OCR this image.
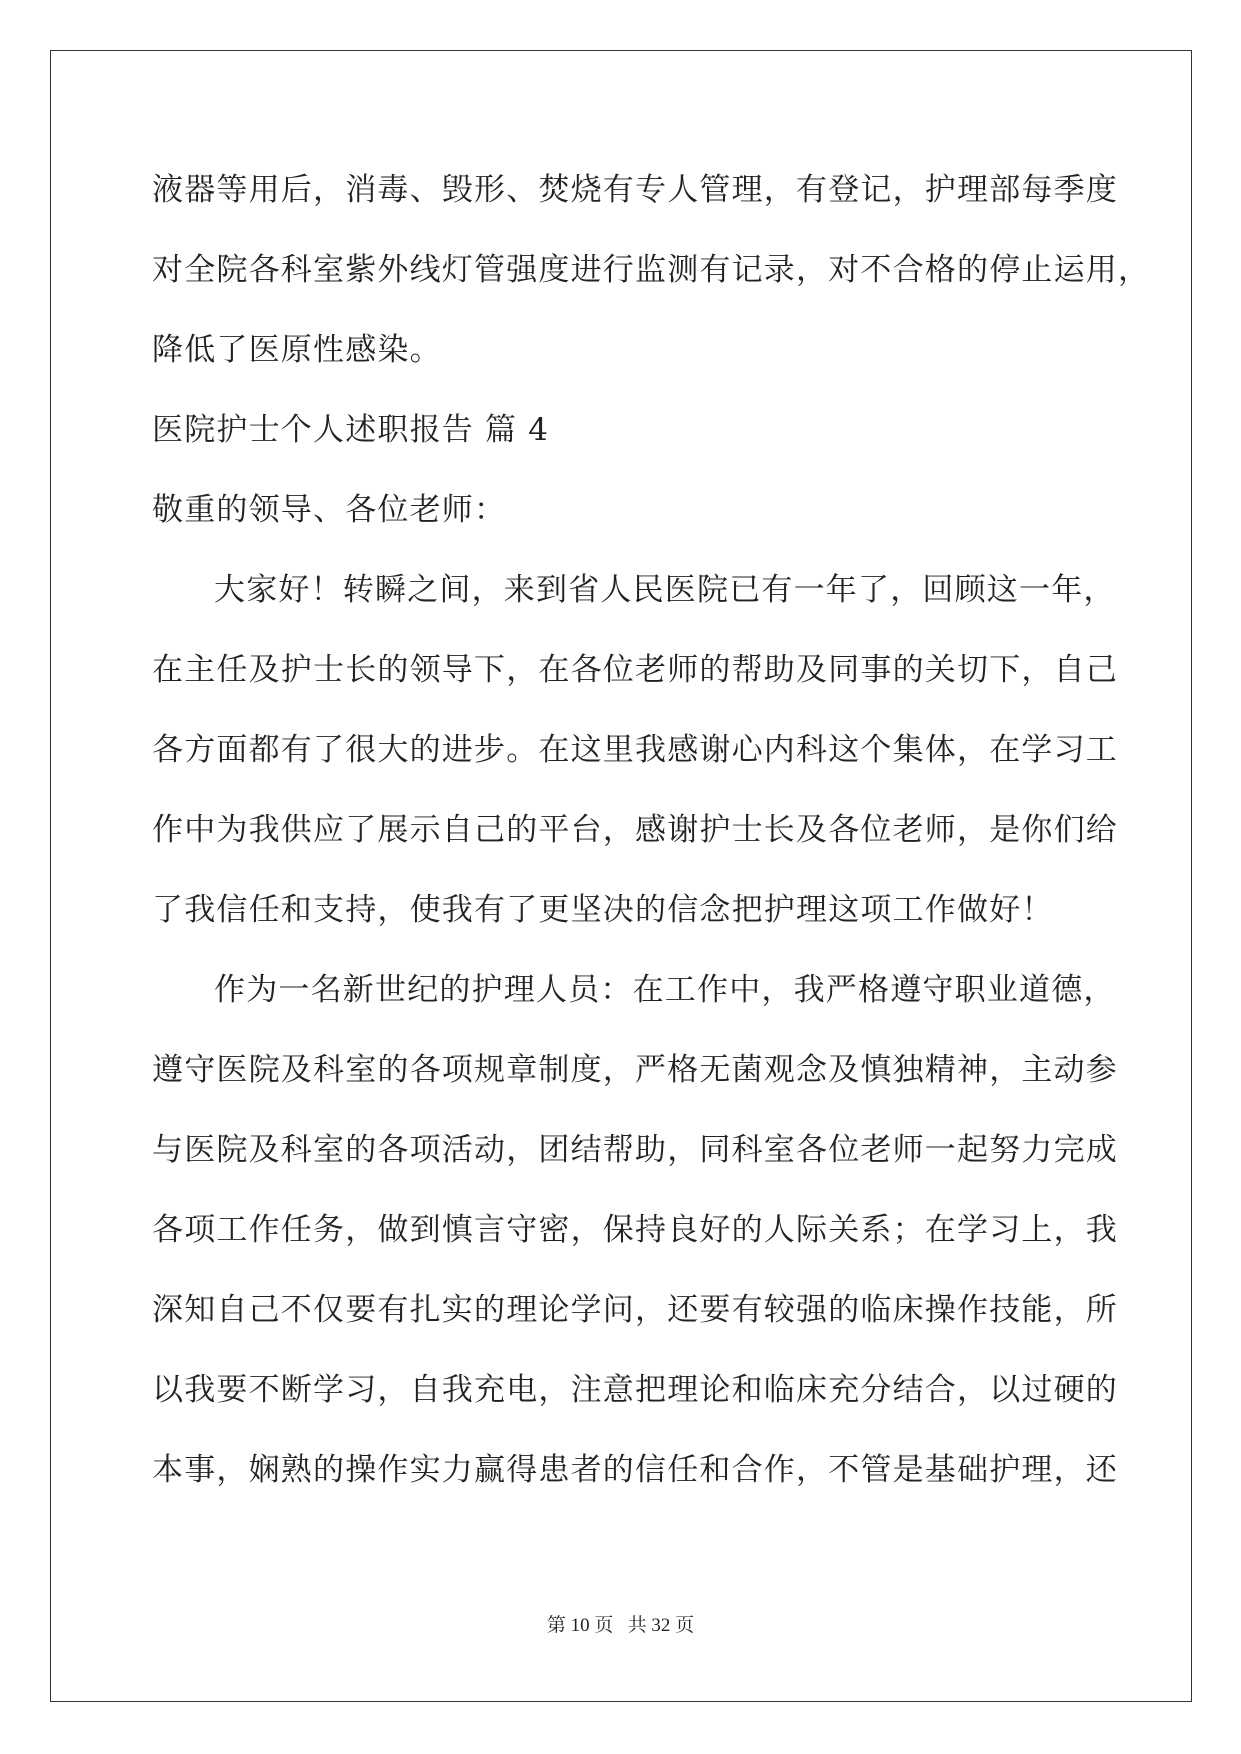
液器等用后，消毒、毁形、焚烧有专人管理，有登记，护理部每季度
对全院各科室紫外线灯管强度进行监测有记录，对不合格的停止运用，
降低了医原性感染。
医院护士个人述职报告 篇 4
敬重的领导、各位老师：
大家好！转瞬之间，来到省人民医院已有一年了，回顾这一年，
在主任及护士长的领导下，在各位老师的帮助及同事的关切下，自己
各方面都有了很大的进步。在这里我感谢心内科这个集体，在学习工
作中为我供应了展示自己的平台，感谢护士长及各位老师，是你们给
了我信任和支持，使我有了更坚决的信念把护理这项工作做好！
作为一名新世纪的护理人员：在工作中，我严格遵守职业道德，
遵守医院及科室的各项规章制度，严格无菌观念及慎独精神，主动参
与医院及科室的各项活动，团结帮助，同科室各位老师一起努力完成
各项工作任务，做到慎言守密，保持良好的人际关系；在学习上，我
深知自己不仅要有扎实的理论学问，还要有较强的临床操作技能，所
以我要不断学习，自我充电，注意把理论和临床充分结合，以过硬的
本事，娴熟的操作实力赢得患者的信任和合作，不管是基础护理，还
第 10 页   共 32 页
